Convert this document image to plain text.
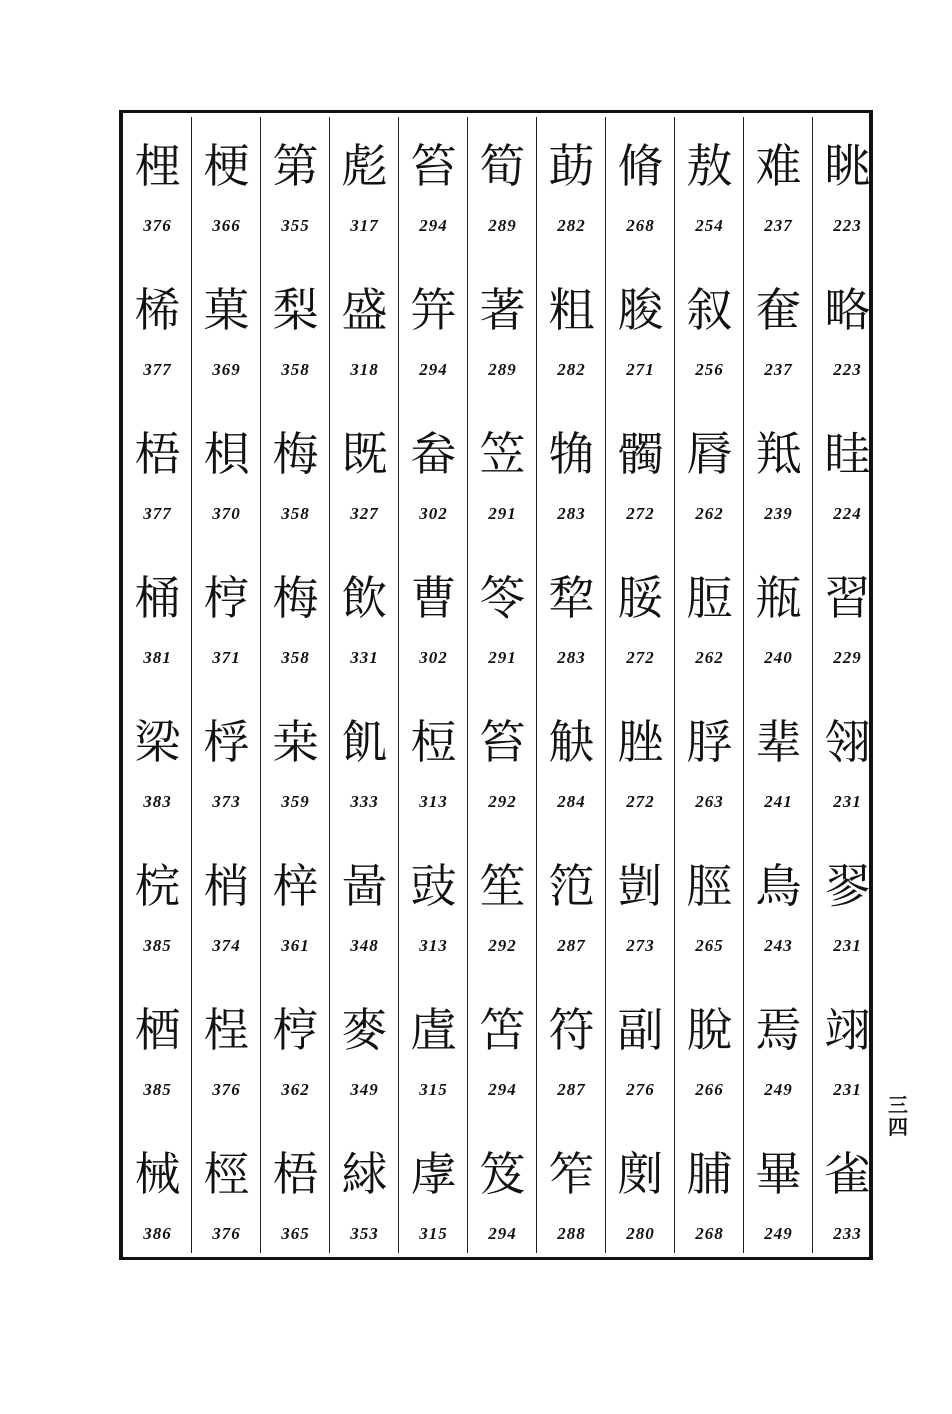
梩
376
桸
377
梧
377
桶
381
梁
383
梡
385
梄
385
械
386
梗
366
菓
369
梖
370
梈
371
桴
373
梢
374
桯
376
桱
376
第
355
梨
358
梅
358
梅
358
桒
359
梓
361
梈
362
梧
365
彪
317
盛
318
既
327
飲
331
飢
333
啚
348
麥
349
絿
353
笞
294
笄
294
畚
302
曹
302
梪
313
豉
313
虘
315
虖
315
筍
289
著
289
笠
291
笭
291
笞
292
笙
292
笘
294
笈
294
莇
282
粗
282
觕
283
犂
283
觖
284
笵
287
符
287
笮
288
脩
268
脧
271
髑
272
脮
272
脞
272
剴
273
副
276
剫
280
敖
254
叙
256
脣
262
脰
262
脬
263
脛
265
脫
266
脯
268
难
237
奞
237
羝
239
瓶
240
辈
241
鳥
243
焉
249
畢
249
眺
223
略
223
眭
224
習
229
翎
231
翏
231
翊
231
雀
233
三
四
